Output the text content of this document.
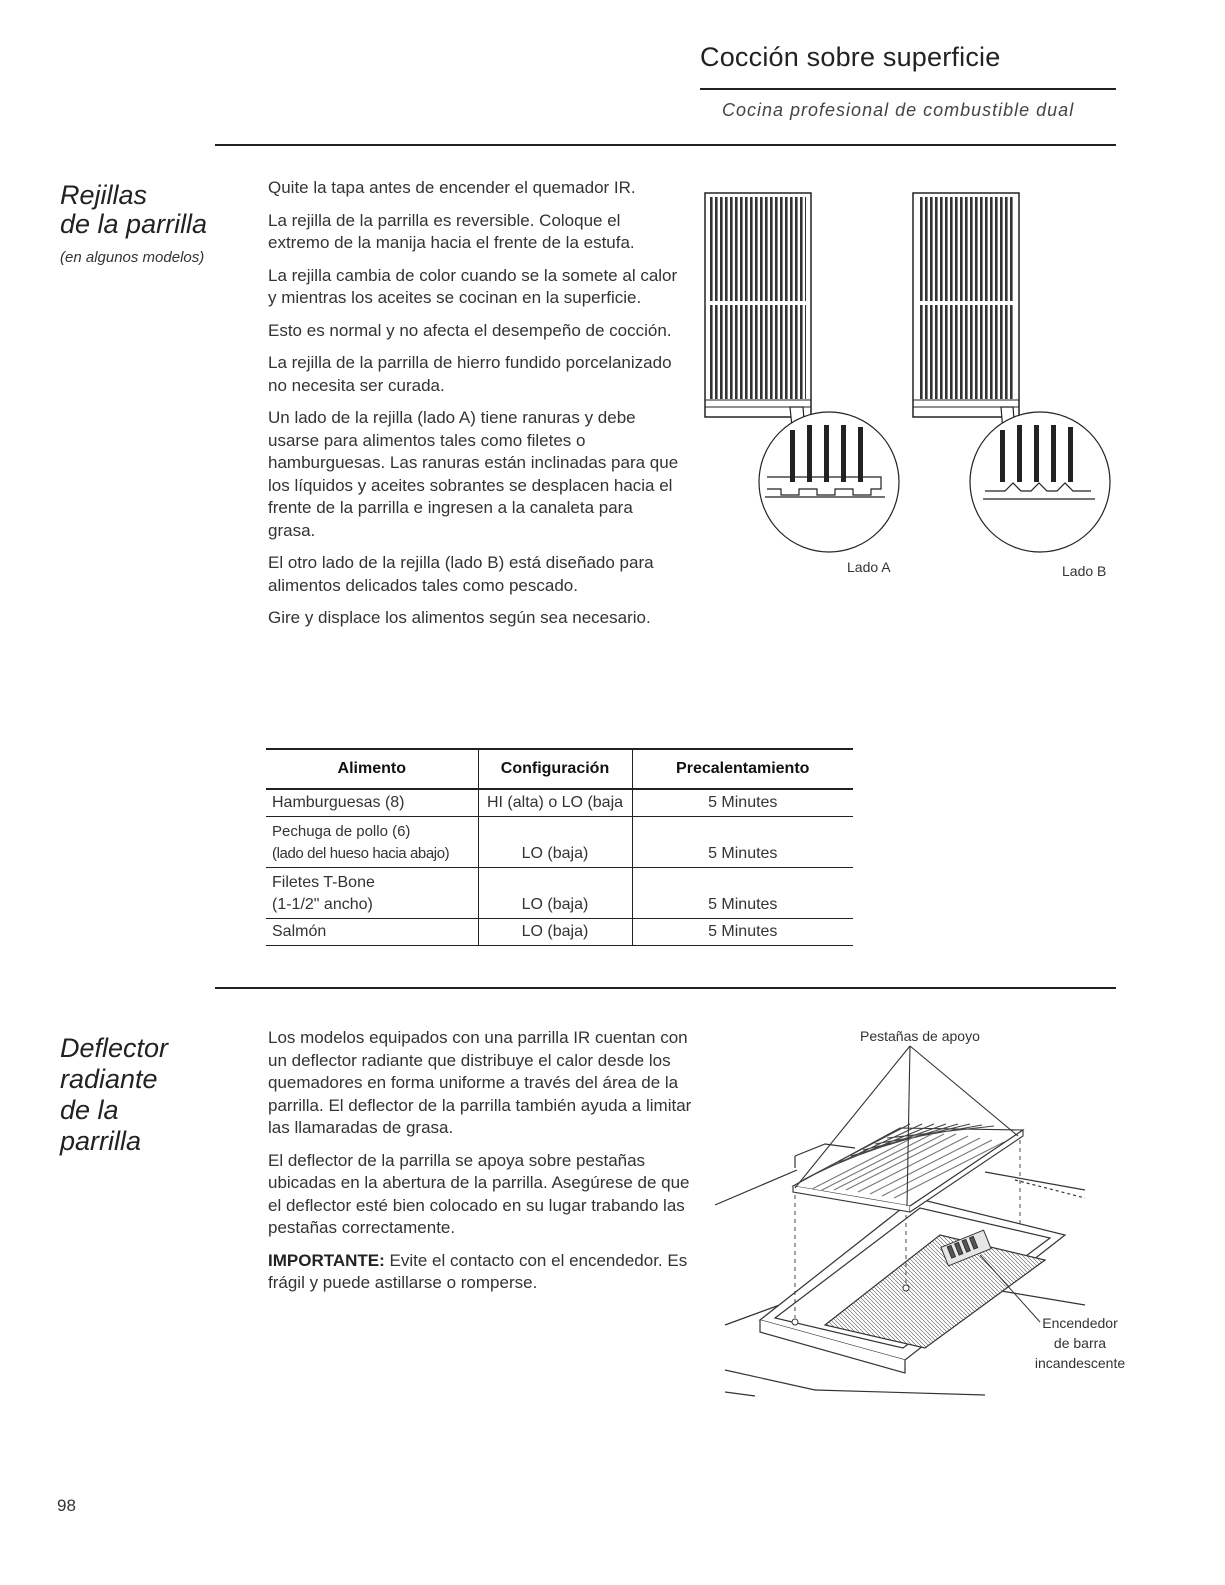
Cocción sobre superficie
Cocina profesional de combustible dual
Rejillas
de la parrilla
(en algunos modelos)

Quite la tapa antes de encender el quemador IR.

La rejilla de la parrilla es reversible. Coloque el extremo de la manija hacia el frente de la estufa.

La rejilla cambia de color cuando se la somete al calor y mientras los aceites se cocinan en la superficie.

Esto es normal y no afecta el desempeño de cocción.

La rejilla de la parrilla de hierro fundido porcelanizado no necesita ser curada.

Un lado de la rejilla (lado A) tiene ranuras y debe usarse para alimentos tales como filetes o hamburguesas. Las ranuras están inclinadas para que los líquidos y aceites sobrantes se desplacen hacia el frente de la parrilla e ingresen a la canaleta para grasa.

El otro lado de la rejilla (lado B) está diseñado para alimentos delicados tales como pescado.

Gire y displace los alimentos según sea necesario.

Lado A	Lado B
Alimento	Configuración	Precalentamiento

Hamburguesas (8)	HI (alta) o LO (baja	5 Minutes

Pechuga de pollo (6)
(lado del hueso hacia abajo)	LO (baja)	5 Minutes

Filetes T-Bone
(1-1/2" ancho)	LO (baja)	5 Minutes

Salmón	LO (baja)	5 Minutes
Deflector
radiante
de la
parrilla

Los modelos equipados con una parrilla IR cuentan con un deflector radiante que distribuye el calor desde los quemadores en forma uniforme a través del área de la parrilla. El deflector de la parrilla también ayuda a limitar las llamaradas de grasa.

El deflector de la parrilla se apoya sobre pestañas ubicadas en la abertura de la parrilla. Asegúrese de que el deflector esté bien colocado en su lugar trabando las pestañas correctamente.

IMPORTANTE: Evite el contacto con el encendedor. Es frágil y puede astillarse o romperse.

Pestañas de apoyo
Encendedor
de barra
incandescente
98
